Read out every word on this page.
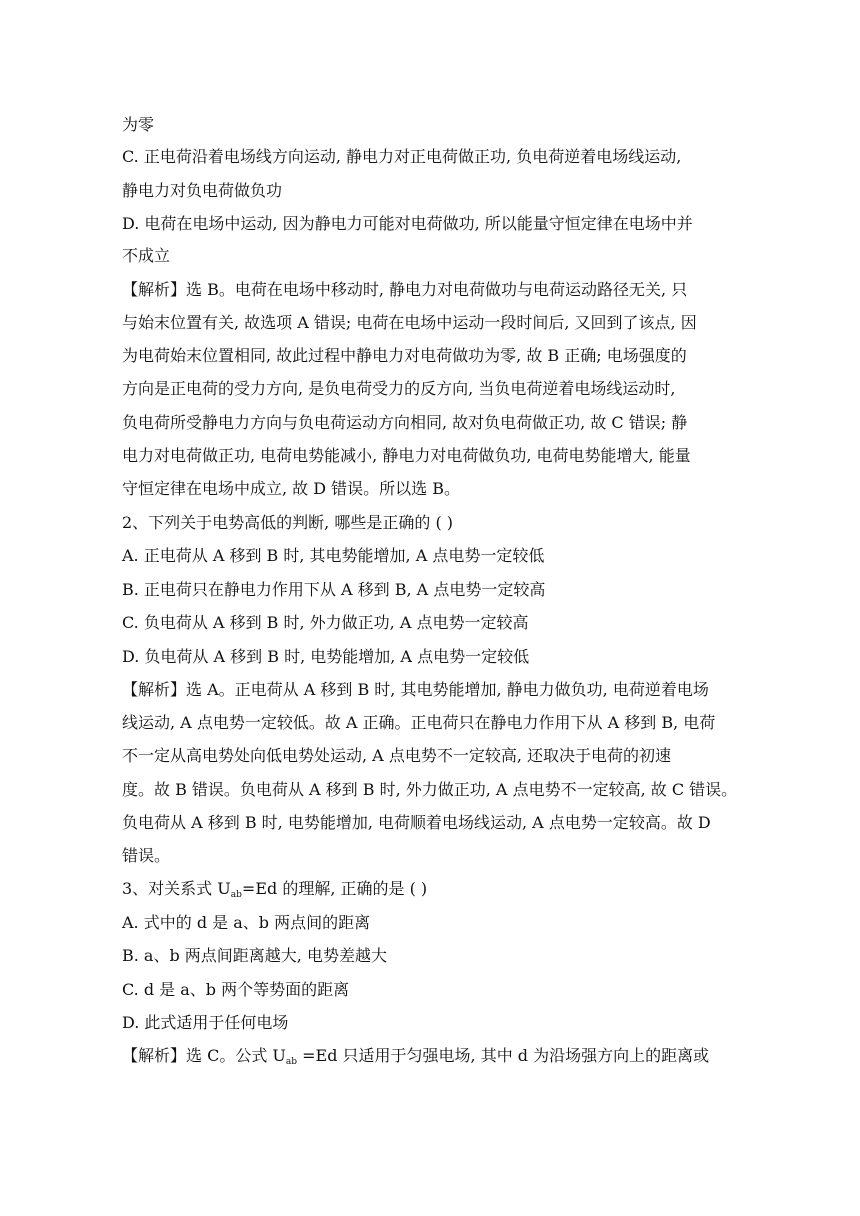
为零
C. 正电荷沿着电场线方向运动, 静电力对正电荷做正功, 负电荷逆着电场线运动,
静电力对负电荷做负功
D. 电荷在电场中运动, 因为静电力可能对电荷做功, 所以能量守恒定律在电场中并
不成立
【解析】选 B。电荷在电场中移动时, 静电力对电荷做功与电荷运动路径无关, 只
与始末位置有关, 故选项 A 错误; 电荷在电场中运动一段时间后, 又回到了该点, 因
为电荷始末位置相同, 故此过程中静电力对电荷做功为零, 故 B 正确; 电场强度的
方向是正电荷的受力方向, 是负电荷受力的反方向, 当负电荷逆着电场线运动时,
负电荷所受静电力方向与负电荷运动方向相同, 故对负电荷做正功, 故 C 错误; 静
电力对电荷做正功, 电荷电势能减小, 静电力对电荷做负功, 电荷电势能增大, 能量
守恒定律在电场中成立, 故 D 错误。所以选 B。
2、下列关于电势高低的判断, 哪些是正确的 ( )
A. 正电荷从 A 移到 B 时, 其电势能增加, A 点电势一定较低
B. 正电荷只在静电力作用下从 A 移到 B, A 点电势一定较高
C. 负电荷从 A 移到 B 时, 外力做正功, A 点电势一定较高
D. 负电荷从 A 移到 B 时, 电势能增加, A 点电势一定较低
【解析】选 A。正电荷从 A 移到 B 时, 其电势能增加, 静电力做负功, 电荷逆着电场
线运动, A 点电势一定较低。故 A 正确。正电荷只在静电力作用下从 A 移到 B, 电荷
不一定从高电势处向低电势处运动, A 点电势不一定较高, 还取决于电荷的初速
度。故 B 错误。负电荷从 A 移到 B 时, 外力做正功, A 点电势不一定较高, 故 C 错误。
负电荷从 A 移到 B 时, 电势能增加, 电荷顺着电场线运动, A 点电势一定较高。故 D
错误。
3、对关系式 $U_{ab}=Ed$ 的理解, 正确的是 ( )
A. 式中的 d 是 a、b 两点间的距离
B. a、b 两点间距离越大, 电势差越大
C. d 是 a、b 两个等势面的距离
D. 此式适用于任何电场
【解析】选 C。公式 $U_{ab} =Ed$ 只适用于匀强电场, 其中 d 为沿场强方向上的距离或
